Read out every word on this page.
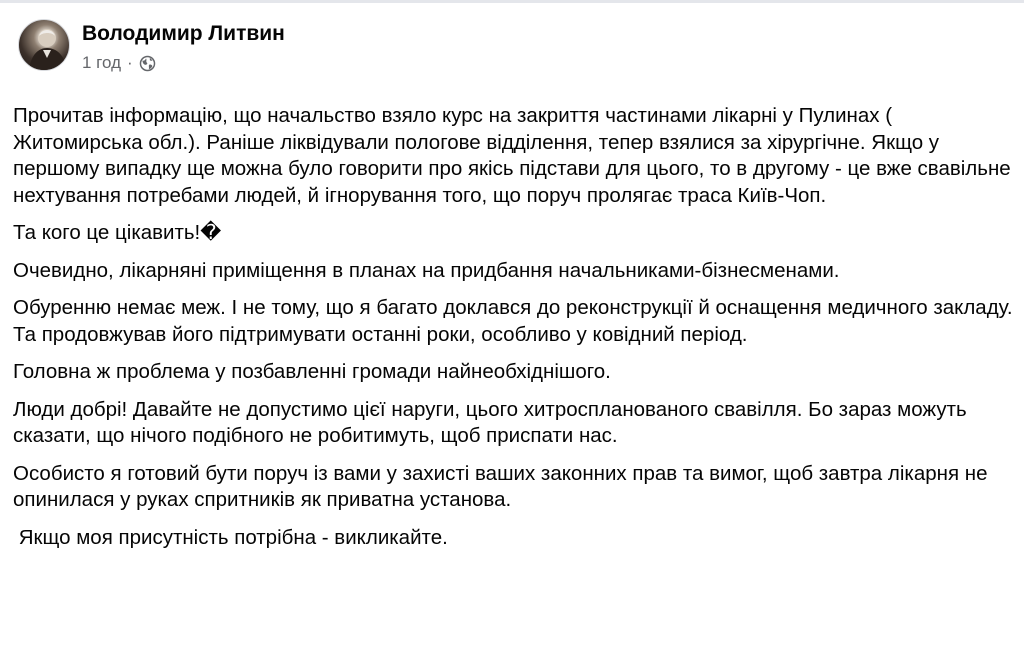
Володимир Литвин
1 год ·

Прочитав інформацію, що начальство взяло курс на закриття частинами лікарні у Пулинах ( Житомирська обл.). Раніше ліквідували пологове відділення, тепер взялися за хірургічне. Якщо у першому випадку ще можна було говорити про якісь підстави для цього, то в другому - це вже свавільне нехтування потребами людей, й ігнорування того, що поруч пролягає траса Київ-Чоп.

Та кого це цікавить!�

Очевидно, лікарняні приміщення в планах на придбання начальниками-бізнесменами.

Обуренню немає меж. І не тому, що я багато доклався до реконструкції й оснащення медичного закладу. Та продовжував його підтримувати останні роки, особливо у ковідний період.

Головна ж проблема у позбавленні громади найнеобхіднішого.

Люди добрі! Давайте не допустимо цієї наруги, цього хитроспланованого свавілля. Бо зараз можуть сказати, що нічого подібного не робитимуть, щоб приспати нас.

Особисто я готовий бути поруч із вами у захисті ваших законних прав та вимог, щоб завтра лікарня не опинилася у руках спритників як приватна установа.

Якщо моя присутність потрібна - викликайте.
